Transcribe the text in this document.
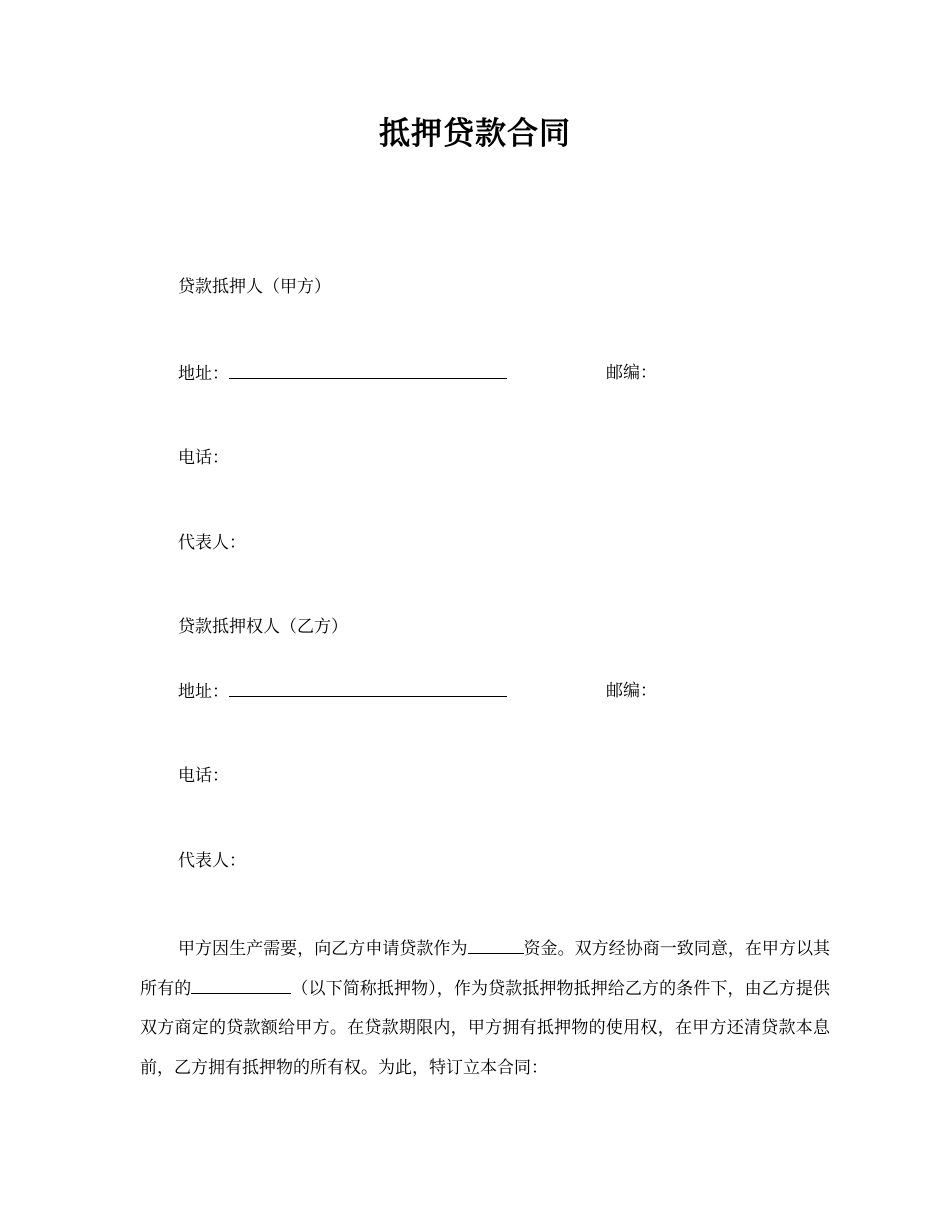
抵押贷款合同
贷款抵押人（甲方）
地址：	邮编：
电话：
代表人：
贷款抵押权人（乙方）
地址：	邮编：
电话：
代表人：
甲方因生产需要，向乙方申请贷款作为	资金。双方经协商一致同意，在甲方以其所有的	（以下简称抵押物），作为贷款抵押物抵押给乙方的条件下，由乙方提供双方商定的贷款额给甲方。在贷款期限内，甲方拥有抵押物的使用权，在甲方还清贷款本息前，乙方拥有抵押物的所有权。为此，特订立本合同：
